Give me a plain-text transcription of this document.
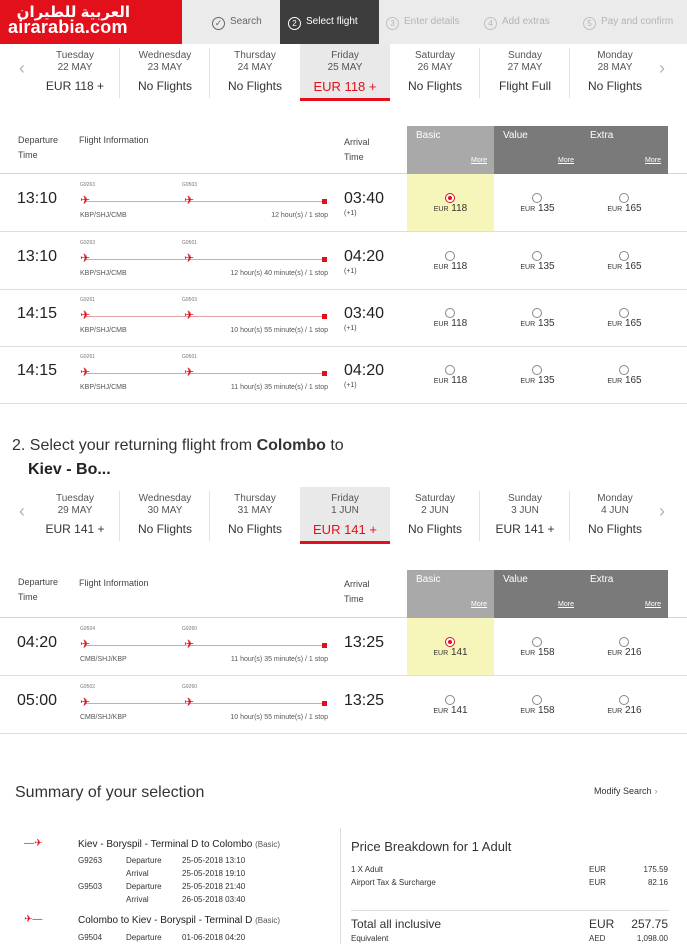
العربية للطيران
airarabia.com	✓ Search	2 Select flight	3 Enter details	4 Add extras	5 Pay and confirm
‹
Tuesday
22 MAY
EUR 118 +
Wednesday
23 MAY
No Flights
Thursday
24 MAY
No Flights
Friday
25 MAY
EUR 118 +
Saturday
26 MAY
No Flights
Sunday
27 MAY
Flight Full
Monday
28 MAY
No Flights
›
Departure Time
Flight Information	Arrival Time
Basic
More
Value
More
Extra
More
13:10
G9263	G9503
✈	✈
KBP/SHJ/CMB	12 hour(s) / 1 stop
03:40
(+1)
EUR 118	EUR 135	EUR 165
13:10
G9263	G9501
✈	✈
KBP/SHJ/CMB	12 hour(s) 40 minute(s) / 1 stop
04:20
(+1)
EUR 118	EUR 135	EUR 165
14:15
G9261	G9503
✈	✈
KBP/SHJ/CMB	10 hour(s) 55 minute(s) / 1 stop
03:40
(+1)
EUR 118	EUR 135	EUR 165
14:15
G9261	G9501
✈	✈
KBP/SHJ/CMB	11 hour(s) 35 minute(s) / 1 stop
04:20
(+1)
EUR 118	EUR 135	EUR 165
2. Select your returning flight from Colombo to
Kiev - Bo...
‹
Tuesday
29 MAY
EUR 141 +
Wednesday
30 MAY
No Flights
Thursday
31 MAY
No Flights
Friday
1 JUN
EUR 141 +
Saturday
2 JUN
No Flights
Sunday
3 JUN
EUR 141 +
Monday
4 JUN
No Flights
›
Departure Time
Flight Information	Arrival Time
Basic
More
Value
More
Extra
More
04:20
G9504	G9260
✈	✈
CMB/SHJ/KBP	11 hour(s) 35 minute(s) / 1 stop
13:25
EUR 141	EUR 158	EUR 216
05:00
G9502	G9260
✈	✈
CMB/SHJ/KBP	10 hour(s) 55 minute(s) / 1 stop
13:25
EUR 141	EUR 158	EUR 216
Summary of your selection	Modify Search ›
—✈	Kiev - Boryspil - Terminal D to Colombo (Basic)
G9263	Departure	25-05-2018 13:10
Arrival	25-05-2018 19:10
G9503	Departure	25-05-2018 21:40
Arrival	26-05-2018 03:40
✈—	Colombo to Kiev - Boryspil - Terminal D (Basic)
G9504	Departure	01-06-2018 04:20
Price Breakdown for 1 Adult
1 X Adult	EUR	175.59
Airport Tax & Surcharge	EUR	82.16
Total all inclusive	EUR 257.75
Equivalent	AED	1,098.00
